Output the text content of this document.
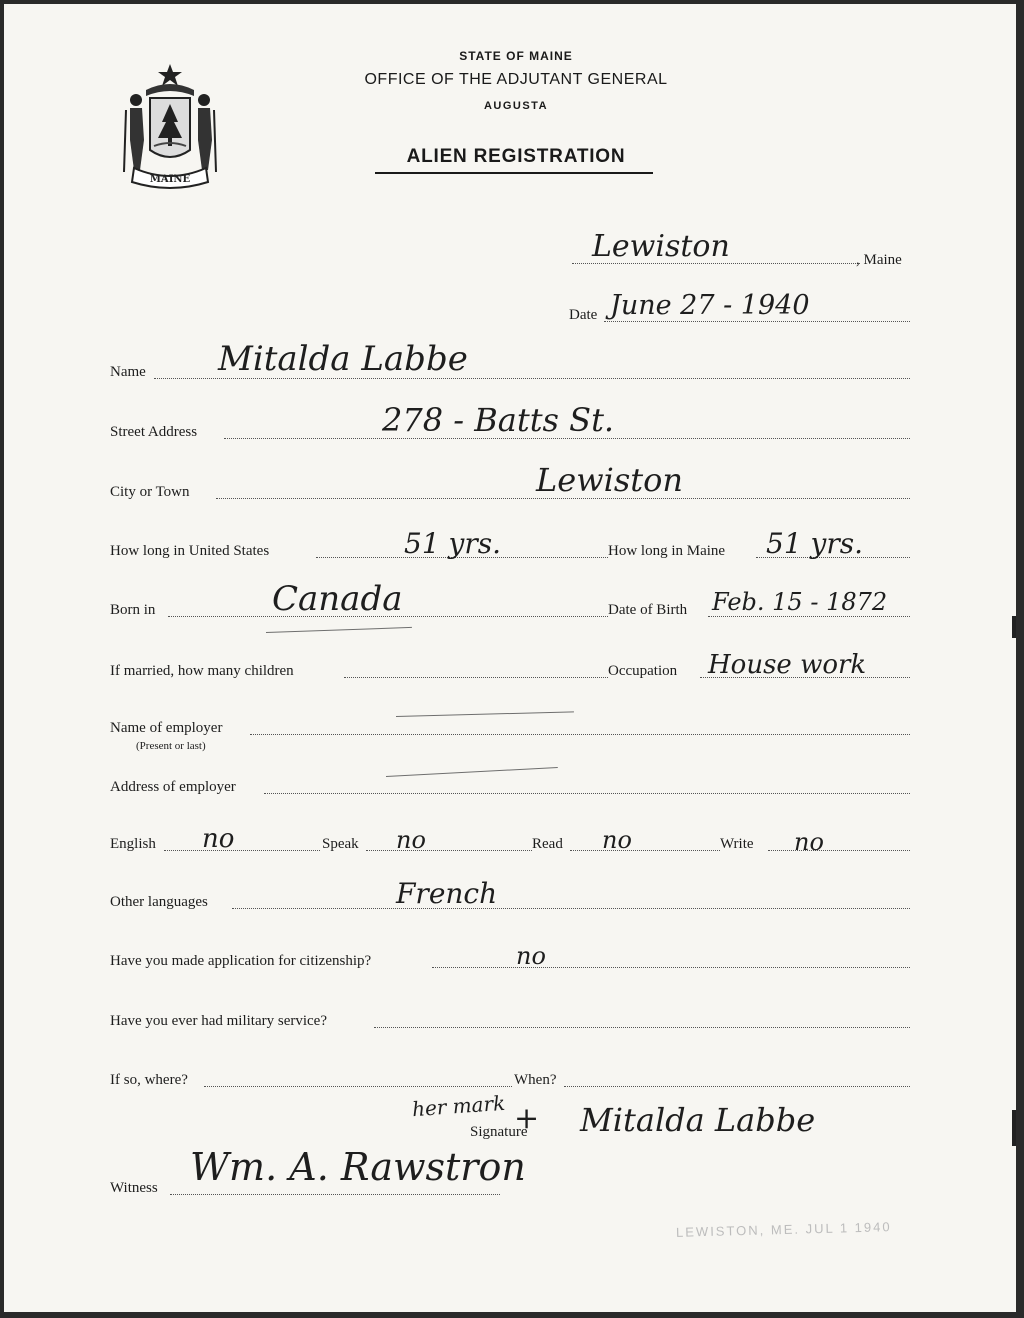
MAINE
STATE OF MAINE
OFFICE OF THE ADJUTANT GENERAL
AUGUSTA
ALIEN REGISTRATION
Lewiston	, Maine
Date June 27 - 1940
Name Mitalda Labbe
Street Address	278 - Batts St.
City or Town	Lewiston
How long in United States	51 yrs.	How long in Maine 51 yrs.
Born in	Canada	Date of Birth Feb. 15 - 1872
If married, how many children	Occupation House work
Name of employer
(Present or last)
Address of employer
English no	Speak no	Read no	Write no
Other languages	French
Have you made application for citizenship?	no
Have you ever had military service?
If so, where?	When?
her mark +
Signature Mitalda Labbe
Witness Wm. A. Rawstron
LEWISTON, ME. JUL 1 1940
